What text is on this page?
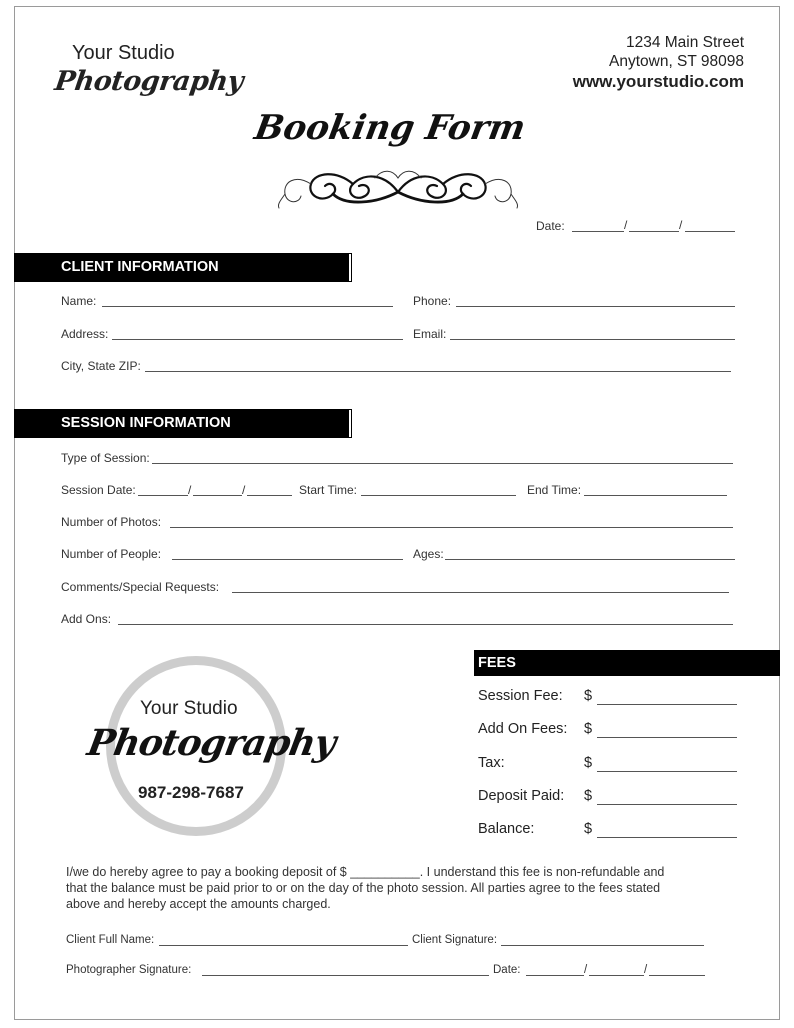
Your Studio
Photography
1234 Main Street
Anytown, ST 98098
www.yourstudio.com
Booking Form
Date:	/	/
CLIENT INFORMATION
Name:	Phone:
Address:	Email:
City, State ZIP:
SESSION INFORMATION
Type of Session:
Session Date:	/	/	Start Time:	End Time:
Number of Photos:
Number of People:	Ages:
Comments/Special Requests:
Add Ons:
Your Studio
Photography
987-298-7687
FEES
Session Fee: $
Add On Fees: $
Tax:	$
Deposit Paid: $
Balance:	$
I/we do hereby agree to pay a booking deposit of $ __________. I understand this fee is non-refundable and
that the balance must be paid prior to or on the day of the photo session. All parties agree to the fees stated
above and hereby accept the amounts charged.
Client Full Name:	Client Signature:
Photographer Signature:	Date:	/	/
